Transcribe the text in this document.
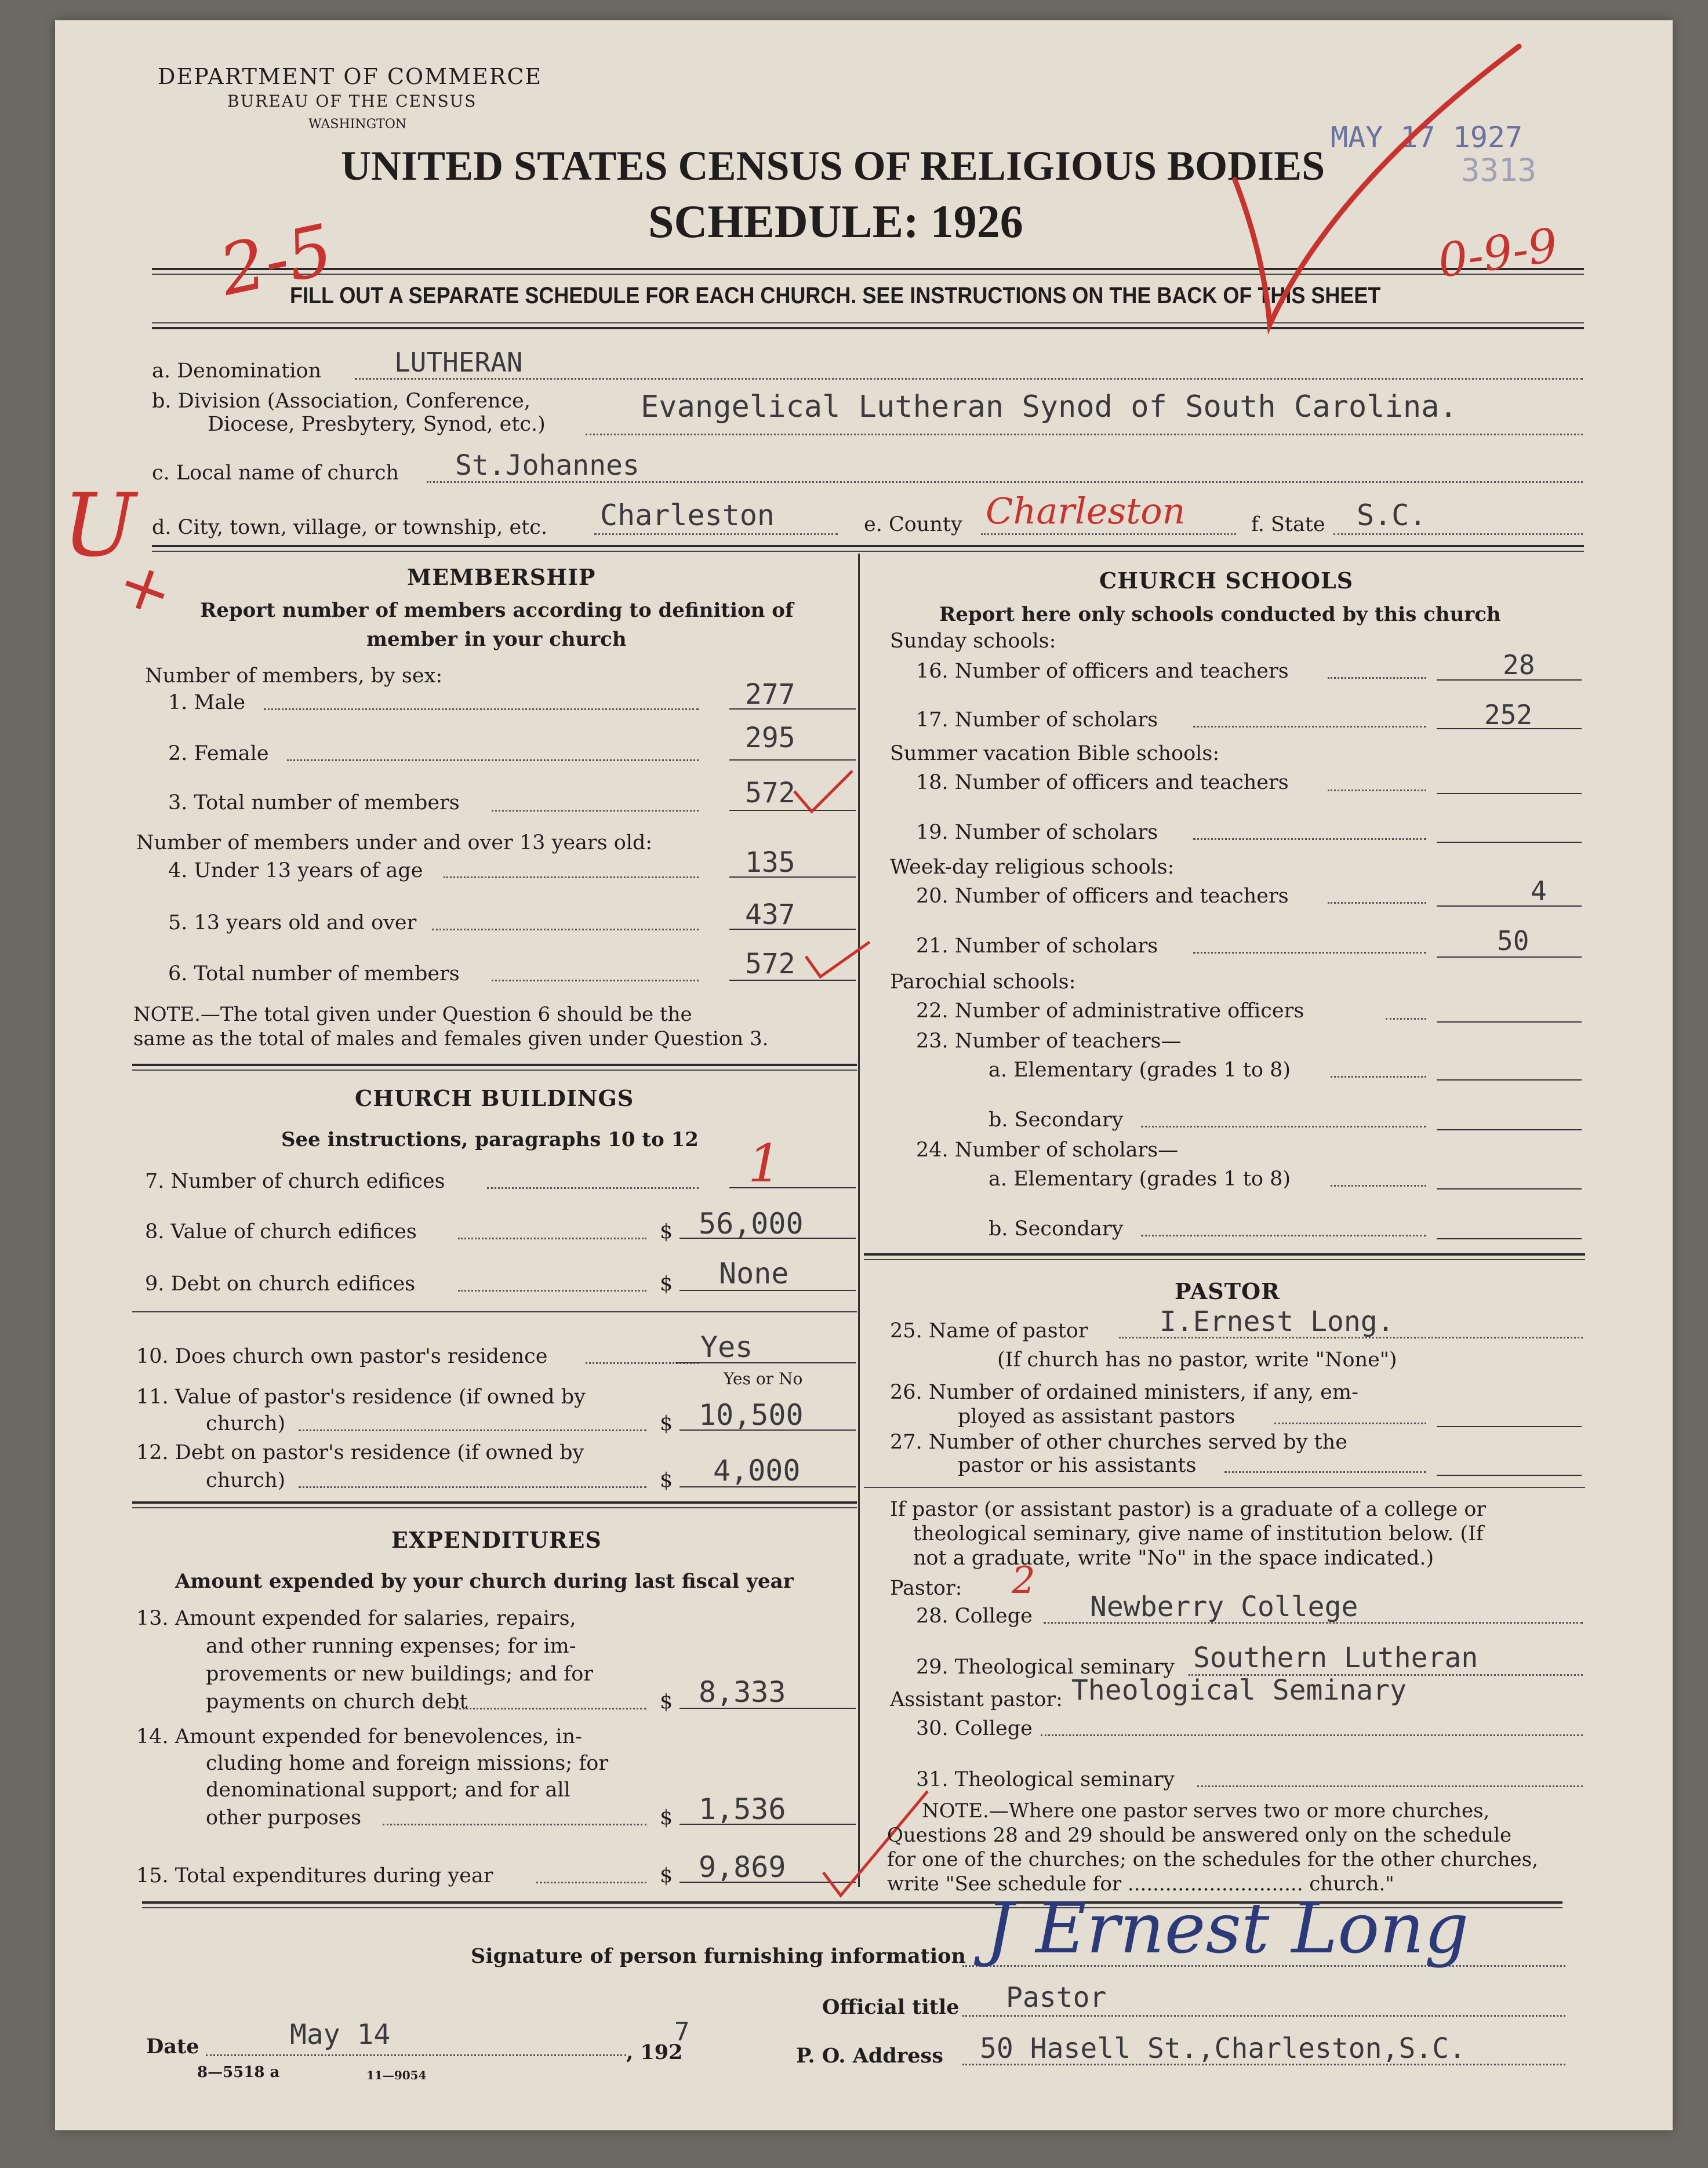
DEPARTMENT OF COMMERCE
BUREAU OF THE CENSUS
WASHINGTON
UNITED STATES CENSUS OF RELIGIOUS BODIES
SCHEDULE: 1926
MAY 17 1927
3313
FILL OUT A SEPARATE SCHEDULE FOR EACH CHURCH. SEE INSTRUCTIONS ON THE BACK OF THIS SHEET
2-5	0-9-9
U
+
a. Denomination	LUTHERAN
b. Division (Association, Conference,
Diocese, Presbytery, Synod, etc.)	Evangelical Lutheran Synod of South Carolina.
c. Local name of church St.Johannes
d. City, town, village, or township, etc. Charleston	e. County Charleston	f. State S.C.
MEMBERSHIP
Report number of members according to definition of
member in your church
Number of members, by sex:
1. Male	277
2. Female	295
3. Total number of members	572
Number of members under and over 13 years old:
4. Under 13 years of age	135
5. 13 years old and over	437
6. Total number of members	572
NOTE.—The total given under Question 6 should be the
same as the total of males and females given under Question 3.
CHURCH BUILDINGS
See instructions, paragraphs 10 to 12
7. Number of church edifices	1
8. Value of church edifices	$ 56,000
9. Debt on church edifices	$ None
10. Does church own pastor's residence	Yes
Yes or No
11. Value of pastor's residence (if owned by
church)	$ 10,500
12. Debt on pastor's residence (if owned by
church)	$ 4,000
EXPENDITURES
Amount expended by your church during last fiscal year
13. Amount expended for salaries, repairs,
and other running expenses; for im-
provements or new buildings; and for
payments on church debt	$ 8,333
14. Amount expended for benevolences, in-
cluding home and foreign missions; for
denominational support; and for all
other purposes	$ 1,536
15. Total expenditures during year	$ 9,869
CHURCH SCHOOLS
Report here only schools conducted by this church
Sunday schools:
16. Number of officers and teachers	28
17. Number of scholars	252
Summer vacation Bible schools:
18. Number of officers and teachers
19. Number of scholars
Week-day religious schools:
20. Number of officers and teachers	4
21. Number of scholars	50
Parochial schools:
22. Number of administrative officers
23. Number of teachers—
a. Elementary (grades 1 to 8)
b. Secondary
24. Number of scholars—
a. Elementary (grades 1 to 8)
b. Secondary
PASTOR
25. Name of pastor	I.Ernest Long.
(If church has no pastor, write "None")
26. Number of ordained ministers, if any, em-
ployed as assistant pastors
27. Number of other churches served by the
pastor or his assistants
If pastor (or assistant pastor) is a graduate of a college or
theological seminary, give name of institution below. (If
not a graduate, write "No" in the space indicated.)
Pastor: 2
28. College Newberry College
29. Theological seminary Southern Lutheran
Assistant pastor: Theological Seminary
30. College
31. Theological seminary
NOTE.—Where one pastor serves two or more churches,
Questions 28 and 29 should be answered only on the schedule
for one of the churches; on the schedules for the other churches,
write "See schedule for ............................ church."
Signature of person furnishing information J Ernest Long
Official title Pastor
Date	May 14
, 192
7
P. O. Address 50 Hasell St.,Charleston,S.C.
8—5518 a	11—9054
